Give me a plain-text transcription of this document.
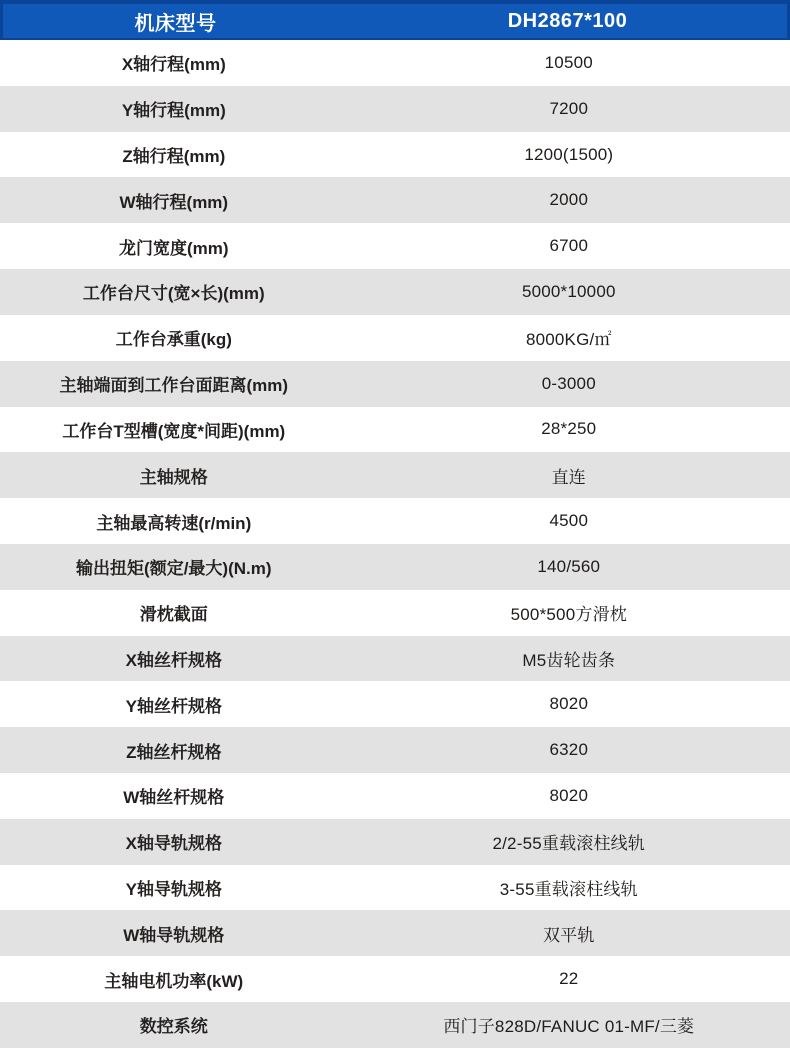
机床型号	DH2867*100
X轴行程(mm)	10500
Y轴行程(mm)	7200
Z轴行程(mm)	1200(1500)
W轴行程(mm)	2000
龙门宽度(mm)	6700
工作台尺寸(宽×长)(mm)	5000*10000
工作台承重(kg)	8000KG/㎡
主轴端面到工作台面距离(mm)	0-3000
工作台T型槽(宽度*间距)(mm)	28*250
主轴规格	直连
主轴最高转速(r/min)	4500
输出扭矩(额定/最大)(N.m)	140/560
滑枕截面	500*500方滑枕
X轴丝杆规格	M5齿轮齿条
Y轴丝杆规格	8020
Z轴丝杆规格	6320
W轴丝杆规格	8020
X轴导轨规格	2/2-55重载滚柱线轨
Y轴导轨规格	3-55重载滚柱线轨
W轴导轨规格	双平轨
主轴电机功率(kW)	22
数控系统	西门子828D/FANUC 01-MF/三菱
